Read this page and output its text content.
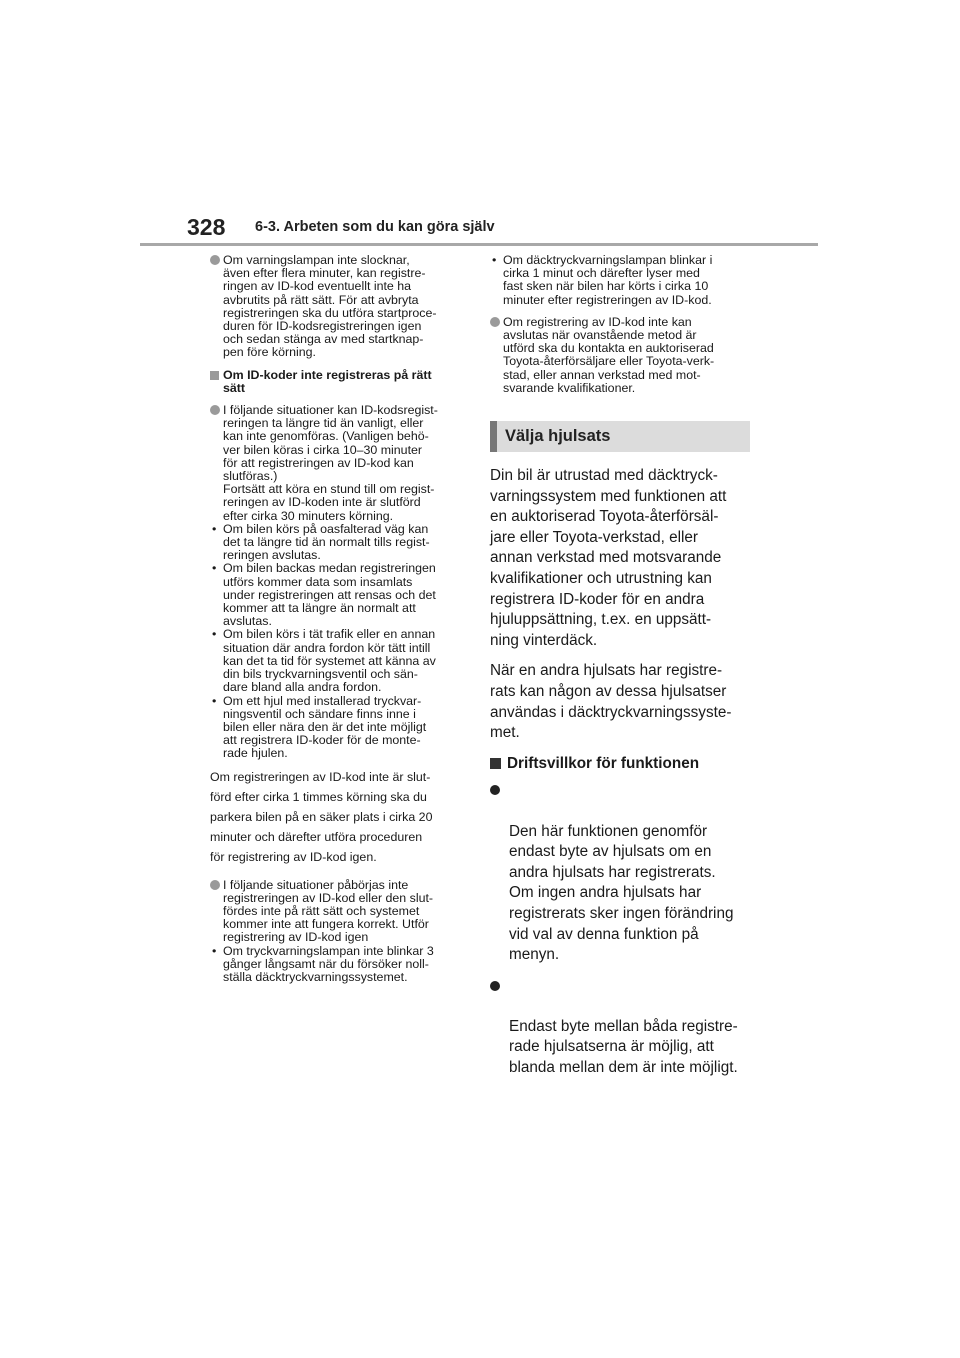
328 6-3. Arbeten som du kan göra själv
Om varningslampan inte slocknar,
även efter flera minuter, kan registre-
ringen av ID-kod eventuellt inte ha
avbrutits på rätt sätt. För att avbryta
registreringen ska du utföra startproce-
duren för ID-kodsregistreringen igen
och sedan stänga av med startknap-
pen före körning.
Om ID-koder inte registreras på rätt
sätt
I följande situationer kan ID-kodsregist-
reringen ta längre tid än vanligt, eller
kan inte genomföras. (Vanligen behö-
ver bilen köras i cirka 10–30 minuter
för att registreringen av ID-kod kan
slutföras.)
Fortsätt att köra en stund till om regist-
reringen av ID-koden inte är slutförd
efter cirka 30 minuters körning.
• Om bilen körs på oasfalterad väg kan
det ta längre tid än normalt tills regist-
reringen avslutas.
• Om bilen backas medan registreringen
utförs kommer data som insamlats
under registreringen att rensas och det
kommer att ta längre än normalt att
avslutas.
• Om bilen körs i tät trafik eller en annan
situation där andra fordon kör tätt intill
kan det ta tid för systemet att känna av
din bils tryckvarningsventil och sän-
dare bland alla andra fordon.
• Om ett hjul med installerad tryckvar-
ningsventil och sändare finns inne i
bilen eller nära den är det inte möjligt
att registrera ID-koder för de monte-
rade hjulen.
Om registreringen av ID-kod inte är slut-
förd efter cirka 1 timmes körning ska du
parkera bilen på en säker plats i cirka 20
minuter och därefter utföra proceduren
för registrering av ID-kod igen.
I följande situationer påbörjas inte
registreringen av ID-kod eller den slut-
fördes inte på rätt sätt och systemet
kommer inte att fungera korrekt. Utför
registrering av ID-kod igen
• Om tryckvarningslampan inte blinkar 3
gånger långsamt när du försöker noll-
ställa däcktryckvarningssystemet.
• Om däcktryckvarningslampan blinkar i
cirka 1 minut och därefter lyser med
fast sken när bilen har körts i cirka 10
minuter efter registreringen av ID-kod.
Om registrering av ID-kod inte kan
avslutas när ovanstående metod är
utförd ska du kontakta en auktoriserad
Toyota-återförsäljare eller Toyota-verk-
stad, eller annan verkstad med mot-
svarande kvalifikationer.
Välja hjulsats
Din bil är utrustad med däcktryck-
varningssystem med funktionen att
en auktoriserad Toyota-återförsäl-
jare eller Toyota-verkstad, eller
annan verkstad med motsvarande
kvalifikationer och utrustning kan
registrera ID-koder för en andra
hjuluppsättning, t.ex. en uppsätt-
ning vinterdäck.
När en andra hjulsats har registre-
rats kan någon av dessa hjulsatser
användas i däcktryckvarningssyste-
met.
Driftsvillkor för funktionen

Den här funktionen genomför
endast byte av hjulsats om en
andra hjulsats har registrerats.
Om ingen andra hjulsats har
registrerats sker ingen förändring
vid val av denna funktion på
menyn.

Endast byte mellan båda registre-
rade hjulsatserna är möjlig, att
blanda mellan dem är inte möjligt.
